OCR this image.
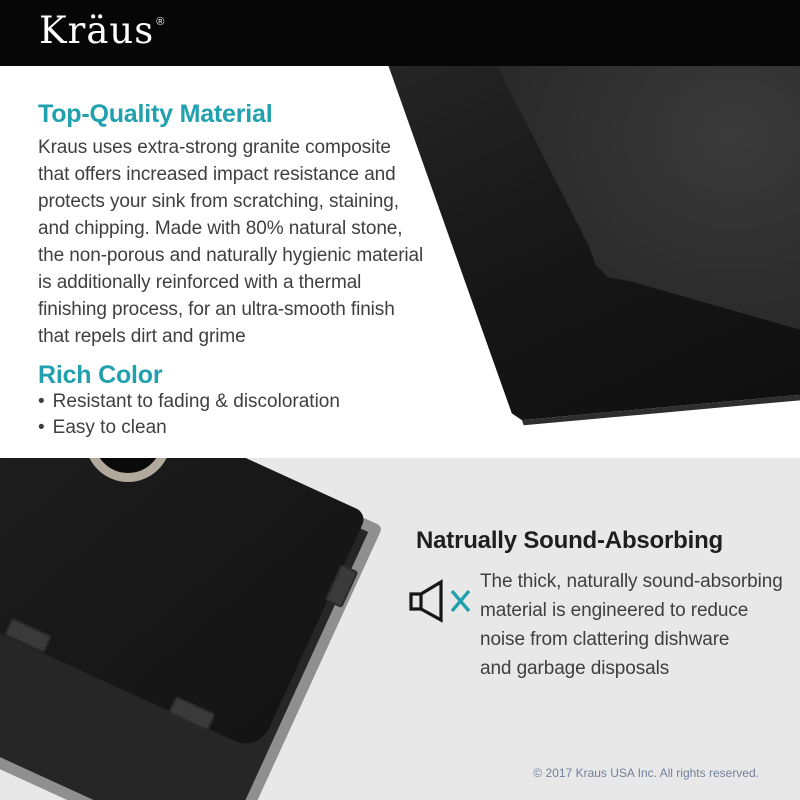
Kräus ®
Top-Quality Material
Kraus uses extra-strong granite composite
that offers increased impact resistance and
protects your sink from scratching, staining,
and chipping. Made with 80% natural stone,
the non-porous and naturally hygienic material
is additionally reinforced with a thermal
finishing process, for an ultra-smooth finish
that repels dirt and grime
Rich Color
• Resistant to fading & discoloration
• Easy to clean
Natrually Sound-Absorbing
The thick, naturally sound-absorbing
material is engineered to reduce
noise from clattering dishware
and garbage disposals
© 2017 Kraus USA Inc. All rights reserved.
